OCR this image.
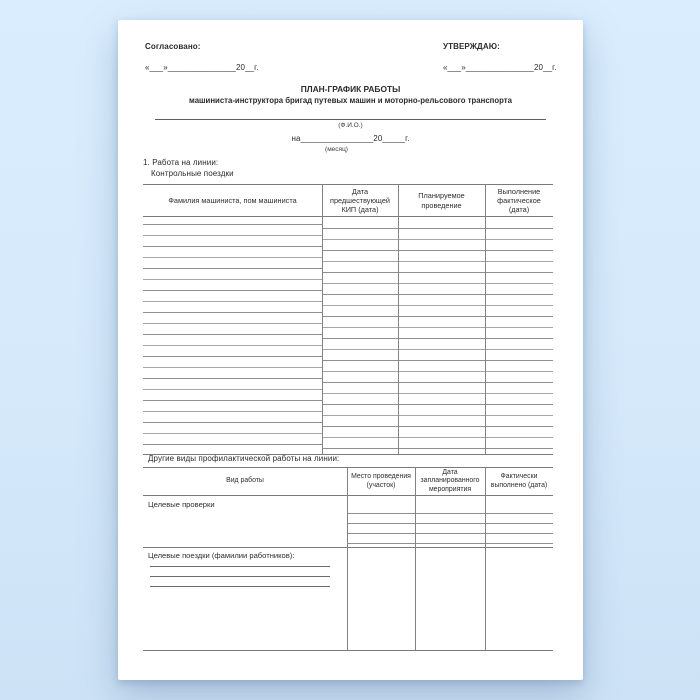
Согласовано:
«___»_______________20__г.
УТВЕРЖДАЮ:
«___»_______________20__г.
ПЛАН-ГРАФИК РАБОТЫ
машиниста-инструктора бригад путевых машин и моторно-рельсового транспорта
(Ф.И.О.)
на________________20_____г.
(месяц)
1. Работа на линии:
Контрольные поездки
Фамилия машиниста, пом машиниста
Дата предшествующей КИП (дата)
Планируемое проведение
Выполнение фактическое (дата)
Другие виды профилактической работы на линии:
Вид работы
Место проведения (участок)
Дата запланированного мероприятия
Фактически выполнено (дата)
Целевые проверки
Целевые поездки (фамилии работников):
